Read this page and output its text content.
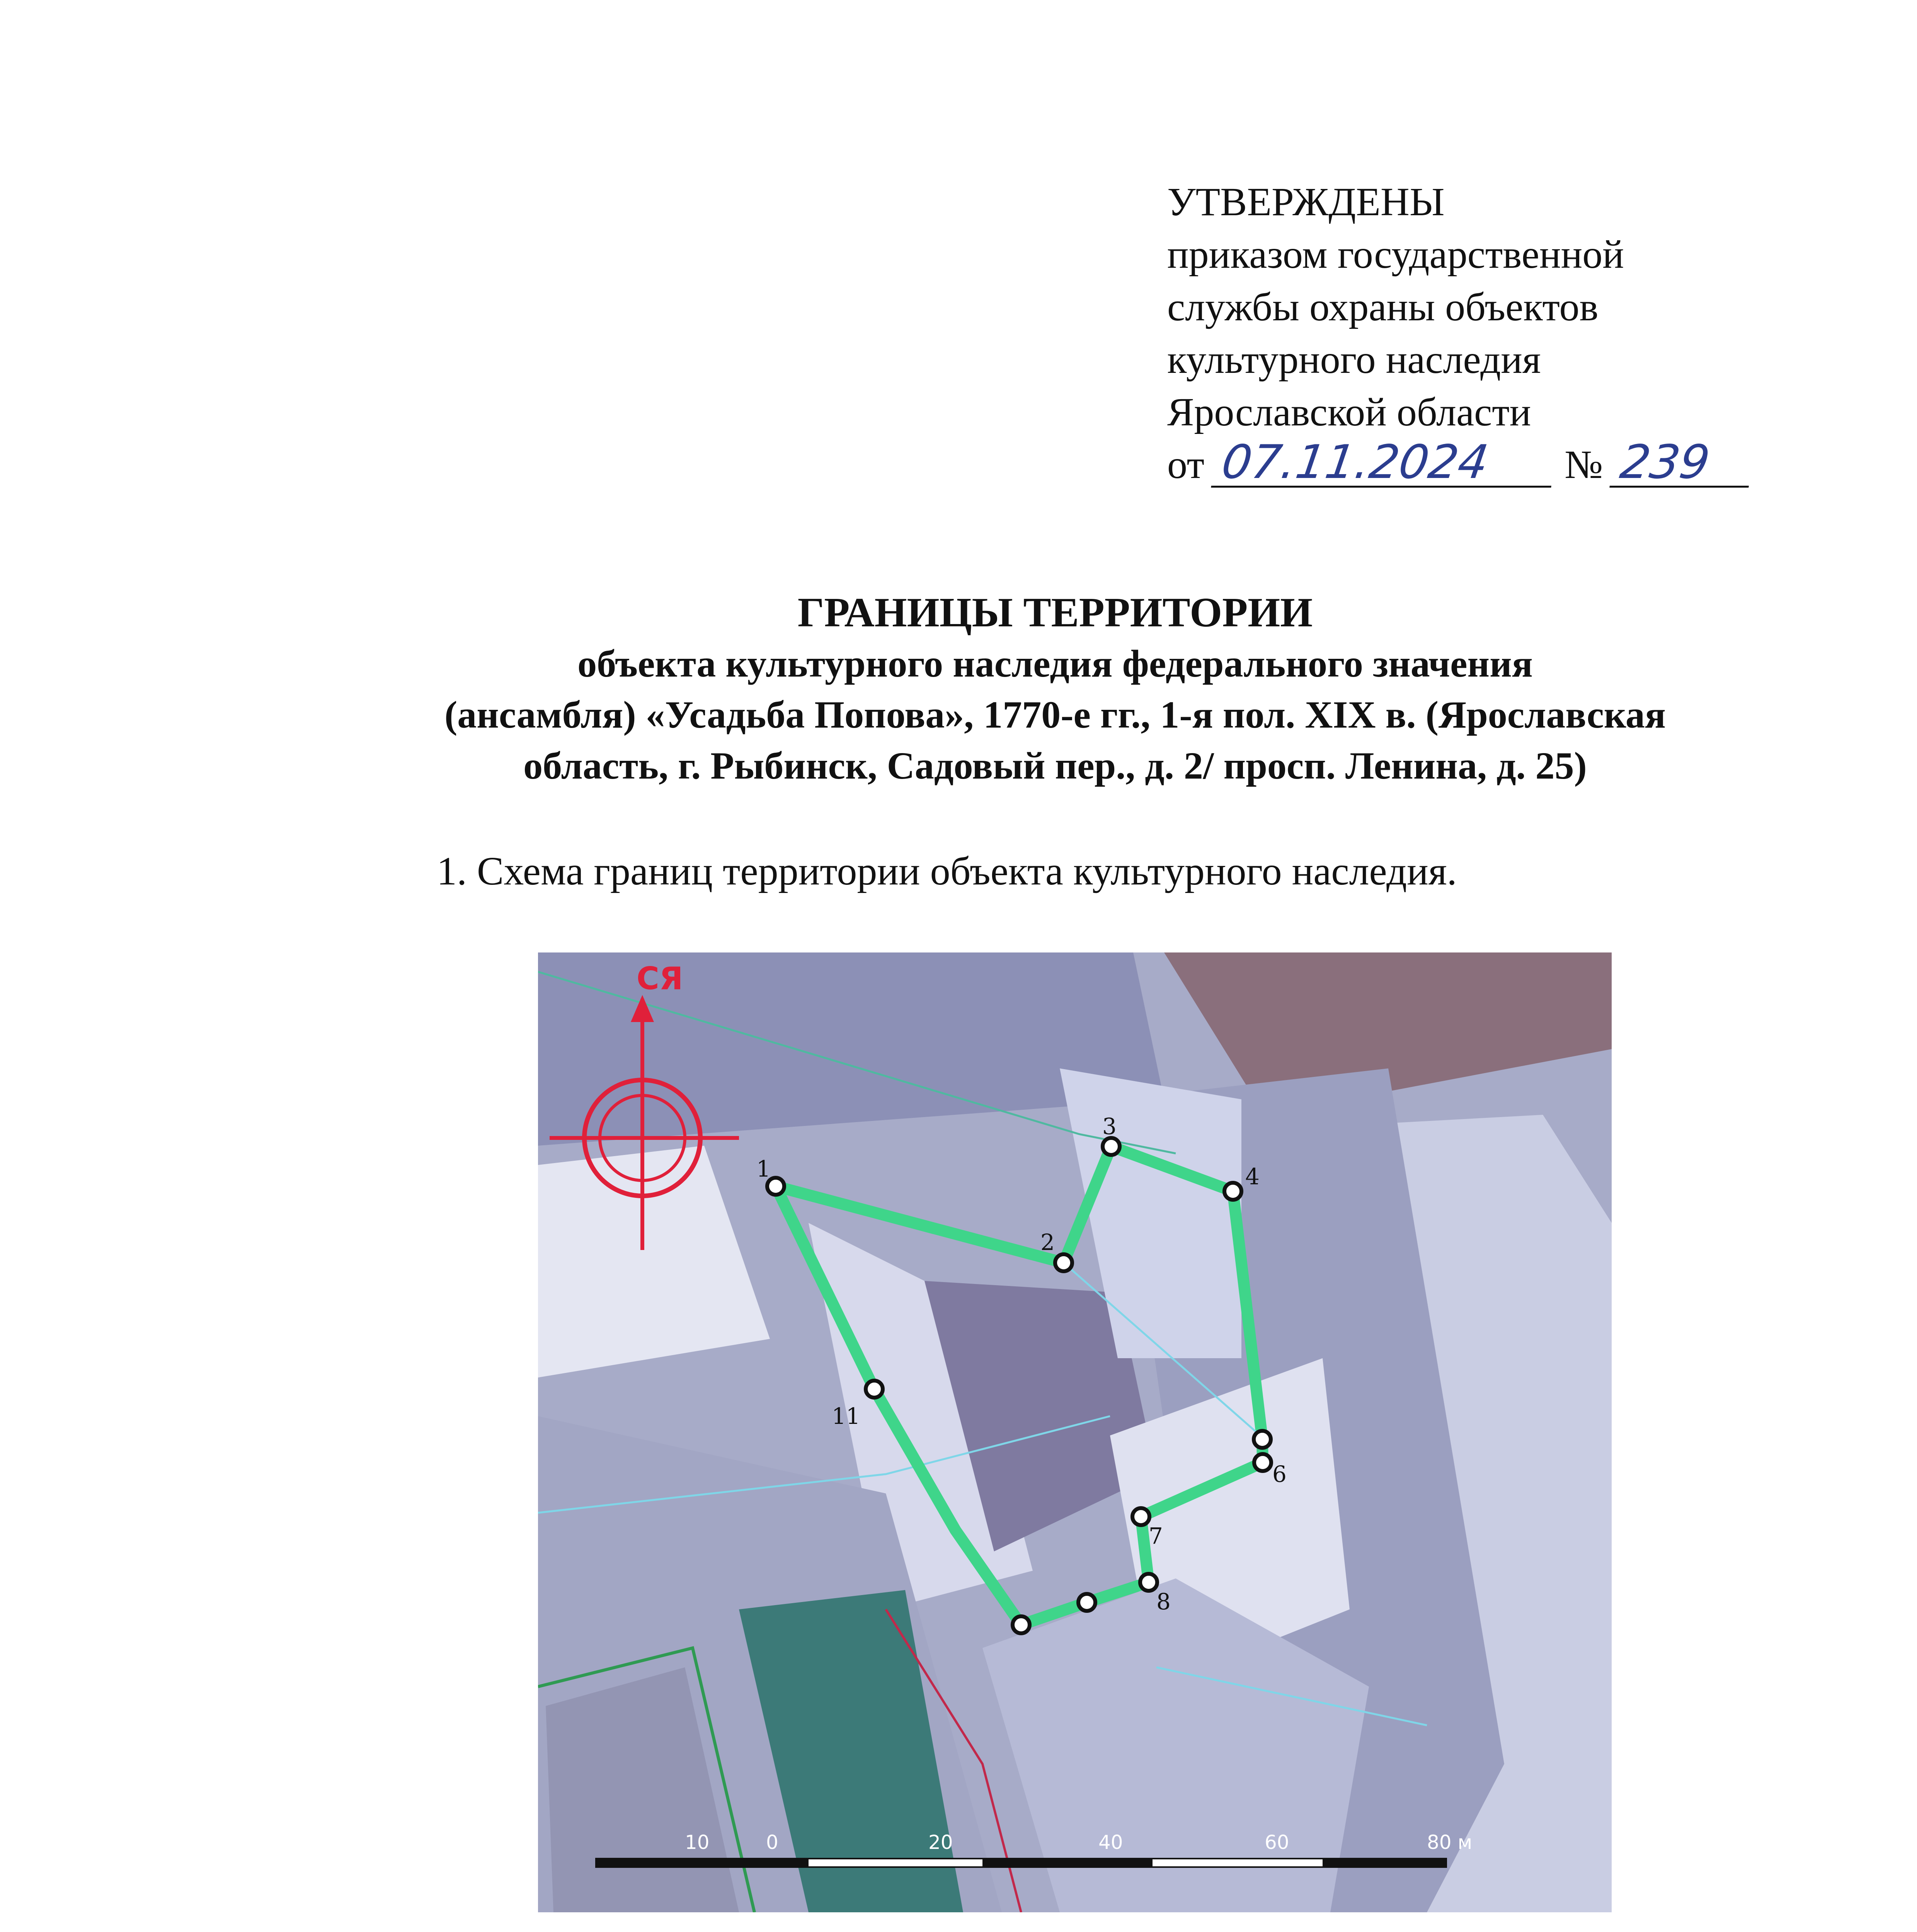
УТВЕРЖДЕНЫ
приказом государственной
службы охраны объектов
культурного наследия
Ярославской области
от 07.11.2024 № 239
ГРАНИЦЫ ТЕРРИТОРИИ
объекта культурного наследия федерального значения
(ансамбля) «Усадьба Попова», 1770-е гг., 1-я пол. XIX в. (Ярославская
область, г. Рыбинск, Садовый пер., д. 2/ просп. Ленина, д. 25)
1. Схема границ территории объекта культурного наследия.
СЯ
1
2
3
4
6
7
8
11
10	0	20	40	60	80 м
